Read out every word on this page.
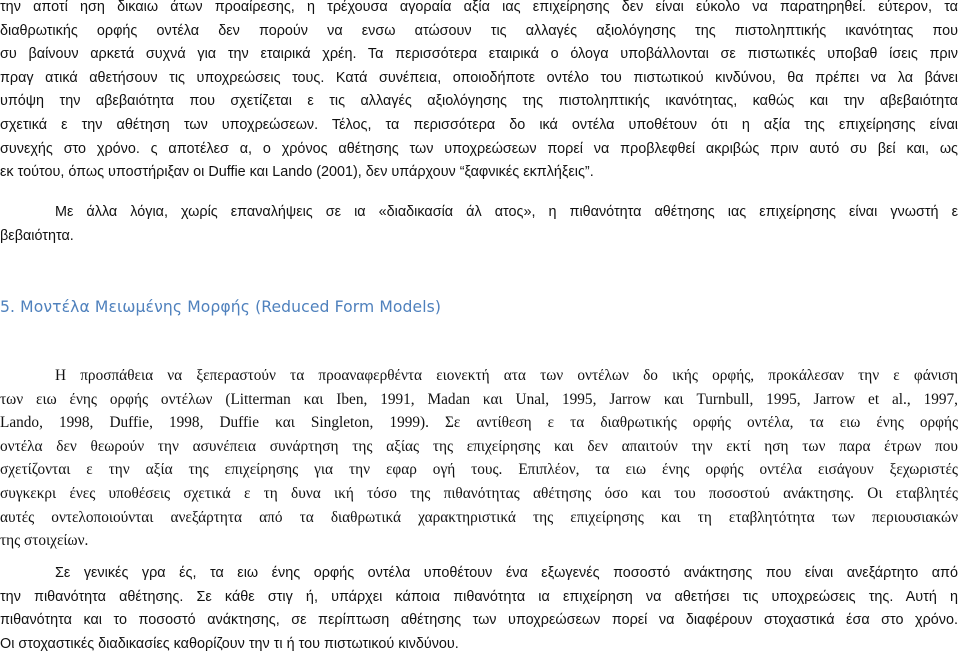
την αποτί ηση δικαιω άτων προαίρεσης, η τρέχουσα αγοραία αξία ιας επιχείρησης δεν είναι εύκολο να παρατηρηθεί. εύτερον, τα
διαθρωτικής ορφής οντέλα δεν πορούν να ενσω ατώσουν τις αλλαγές αξιολόγησης της πιστοληπτικής ικανότητας που
συ βαίνουν αρκετά συχνά για την εταιρικά χρέη. Τα περισσότερα εταιρικά ο όλογα υποβάλλονται σε πιστωτικές υποβαθ ίσεις πριν
πραγ ατικά αθετήσουν τις υποχρεώσεις τους. Κατά συνέπεια, οποιοδήποτε οντέλο του πιστωτικού κινδύνου, θα πρέπει να λα βάνει
υπόψη την αβεβαιότητα που σχετίζεται ε τις αλλαγές αξιολόγησης της πιστοληπτικής ικανότητας, καθώς και την αβεβαιότητα
σχετικά ε την αθέτηση των υποχρεώσεων. Τέλος, τα περισσότερα δο ικά οντέλα υποθέτουν ότι η αξία της επιχείρησης είναι
συνεχής στο χρόνο. ς αποτέλεσ α, ο χρόνος αθέτησης των υποχρεώσεων πορεί να προβλεφθεί ακριβώς πριν αυτό συ βεί και, ως
εκ τούτου, όπως υποστήριξαν οι Duffie και Lando (2001), δεν υπάρχουν “ξαφνικές εκπλήξεις”.

Με άλλα λόγια, χωρίς επαναλήψεις σε ια «διαδικασία άλ ατος», η πιθανότητα αθέτησης ιας επιχείρησης είναι γνωστή ε
βεβαιότητα.

5. Μοντέλα Μειωμένης Μορφής (Reduced Form Models)

Η προσπάθεια να ξεπεραστούν τα προαναφερθέντα ειονεκτή ατα των οντέλων δο ικής ορφής, προκάλεσαν την ε φάνιση
των ειω ένης ορφής οντέλων (Litterman και Iben, 1991, Madan και Unal, 1995, Jarrow και Turnbull, 1995, Jarrow et al., 1997,
Lando, 1998, Duffie, 1998, Duffie και Singleton, 1999). Σε αντίθεση ε τα διαθρωτικής ορφής οντέλα, τα ειω ένης ορφής
οντέλα δεν θεωρούν την ασυνέπεια συνάρτηση της αξίας της επιχείρησης και δεν απαιτούν την εκτί ηση των παρα έτρων που
σχετίζονται ε την αξία της επιχείρησης για την εφαρ ογή τους. Επιπλέον, τα ειω ένης ορφής οντέλα εισάγουν ξεχωριστές
συγκεκρι ένες υποθέσεις σχετικά ε τη δυνα ική τόσο της πιθανότητας αθέτησης όσο και του ποσοστού ανάκτησης. Οι εταβλητές
αυτές οντελοποιούνται ανεξάρτητα από τα διαθρωτικά χαρακτηριστικά της επιχείρησης και τη εταβλητότητα των περιουσιακών
της στοιχείων.

Σε γενικές γρα ές, τα ειω ένης ορφής οντέλα υποθέτουν ένα εξωγενές ποσοστό ανάκτησης που είναι ανεξάρτητο από
την πιθανότητα αθέτησης. Σε κάθε στιγ ή, υπάρχει κάποια πιθανότητα ια επιχείρηση να αθετήσει τις υποχρεώσεις της. Αυτή η
πιθανότητα και το ποσοστό ανάκτησης, σε περίπτωση αθέτησης των υποχρεώσεων πορεί να διαφέρουν στοχαστικά έσα στο χρόνο.
Οι στοχαστικές διαδικασίες καθορίζουν την τι ή του πιστωτικού κινδύνου.
